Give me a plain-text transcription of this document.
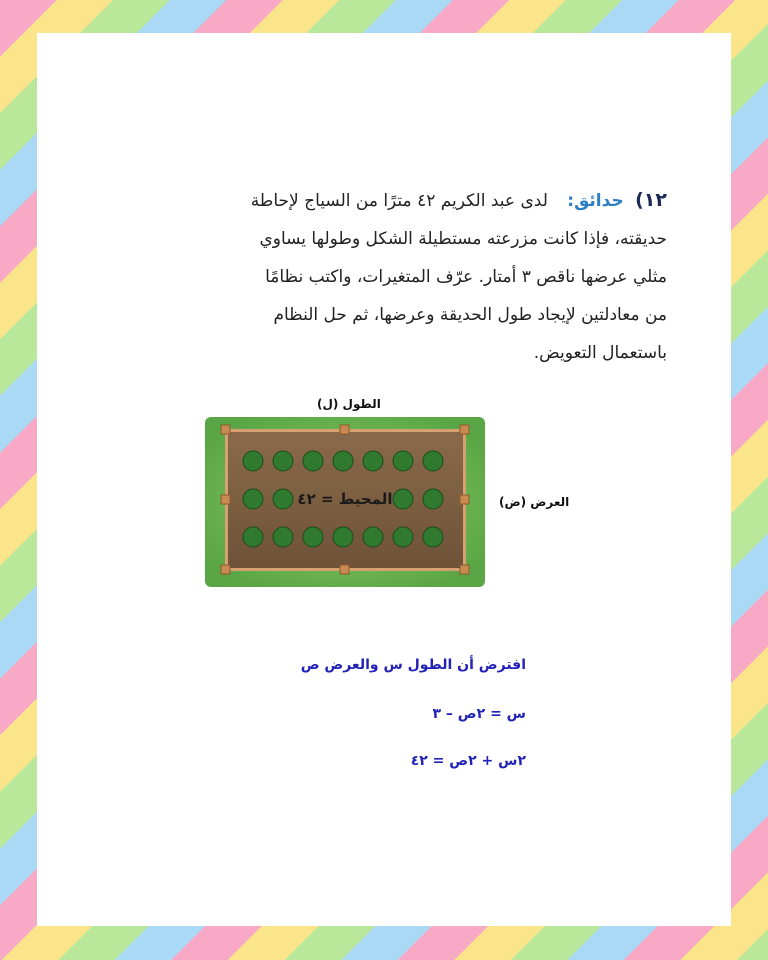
١٢) حدائق: لدى عبد الكريم ٤٢ مترًا من السياج لإحاطة
حديقته، فإذا كانت مزرعته مستطيلة الشكل وطولها يساوي
مثلي عرضها ناقص ٣ أمتار. عرّف المتغيرات، واكتب نظامًا
من معادلتين لإيجاد طول الحديقة وعرضها، ثم حل النظام
باستعمال التعويض.
الطول (ل)
العرض (ض)
المحيط = ٤٢
افترض أن الطول س والعرض ص
س = ٢ص – ٣
٢س + ٢ص = ٤٢
